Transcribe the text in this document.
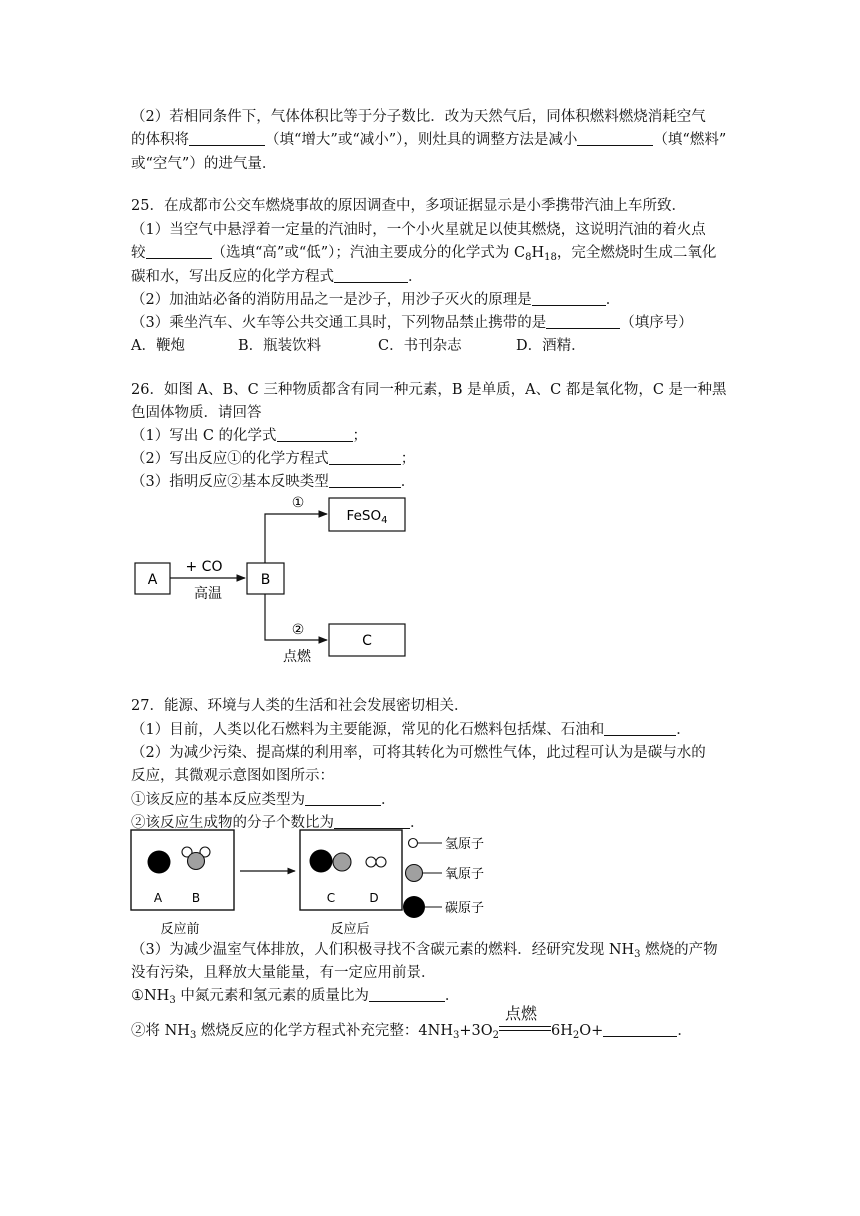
（2）若相同条件下，气体体积比等于分子数比．改为天然气后，同体积燃料燃烧消耗空气
的体积将	（填“增大”或“减小”），则灶具的调整方法是减小	（填“燃料”
或“空气”）的进气量．
25．在成都市公交车燃烧事故的原因调查中，多项证据显示是小季携带汽油上车所致．
（1）当空气中悬浮着一定量的汽油时，一个小火星就足以使其燃烧，这说明汽油的着火点
较	（选填“高”或“低”）；汽油主要成分的化学式为 $C_8H_{18}$，完全燃烧时生成二氧化
碳和水，写出反应的化学方程式	．
（2）加油站必备的消防用品之一是沙子，用沙子灭火的原理是	．
（3）乘坐汽车、火车等公共交通工具时，下列物品禁止携带的是	（填序号）
A．鞭炮	B．瓶装饮料	C．书刊杂志	D．酒精．
26．如图 A、B、C 三种物质都含有同一种元素，B 是单质，A、C 都是氧化物，C 是一种黑
色固体物质．请回答
（1）写出 C 的化学式	；
（2）写出反应①的化学方程式	；
（3）指明反应②基本反映类型	．
A
+ CO
高温
B
①
FeSO$_4$
②
点燃
C
27．能源、环境与人类的生活和社会发展密切相关．
（1）目前，人类以化石燃料为主要能源，常见的化石燃料包括煤、石油和	．
（2）为减少污染、提高煤的利用率，可将其转化为可燃性气体，此过程可认为是碳与水的
反应，其微观示意图如图所示：
①该反应的基本反应类型为	．
②该反应生成物的分子个数比为	．
A B	C	D
反应前	反应后
氢原子
氧原子
碳原子
（3）为减少温室气体排放，人们积极寻找不含碳元素的燃料．经研究发现 $NH_3$ 燃烧的产物
没有污染，且释放大量能量，有一定应用前景．
$①NH_3$ 中氮元素和氢元素的质量比为	．
②将 $NH_3$ 燃烧反应的化学方程式补充完整：$4NH_3+3O_2$
点燃
$6H_2O+$	．
